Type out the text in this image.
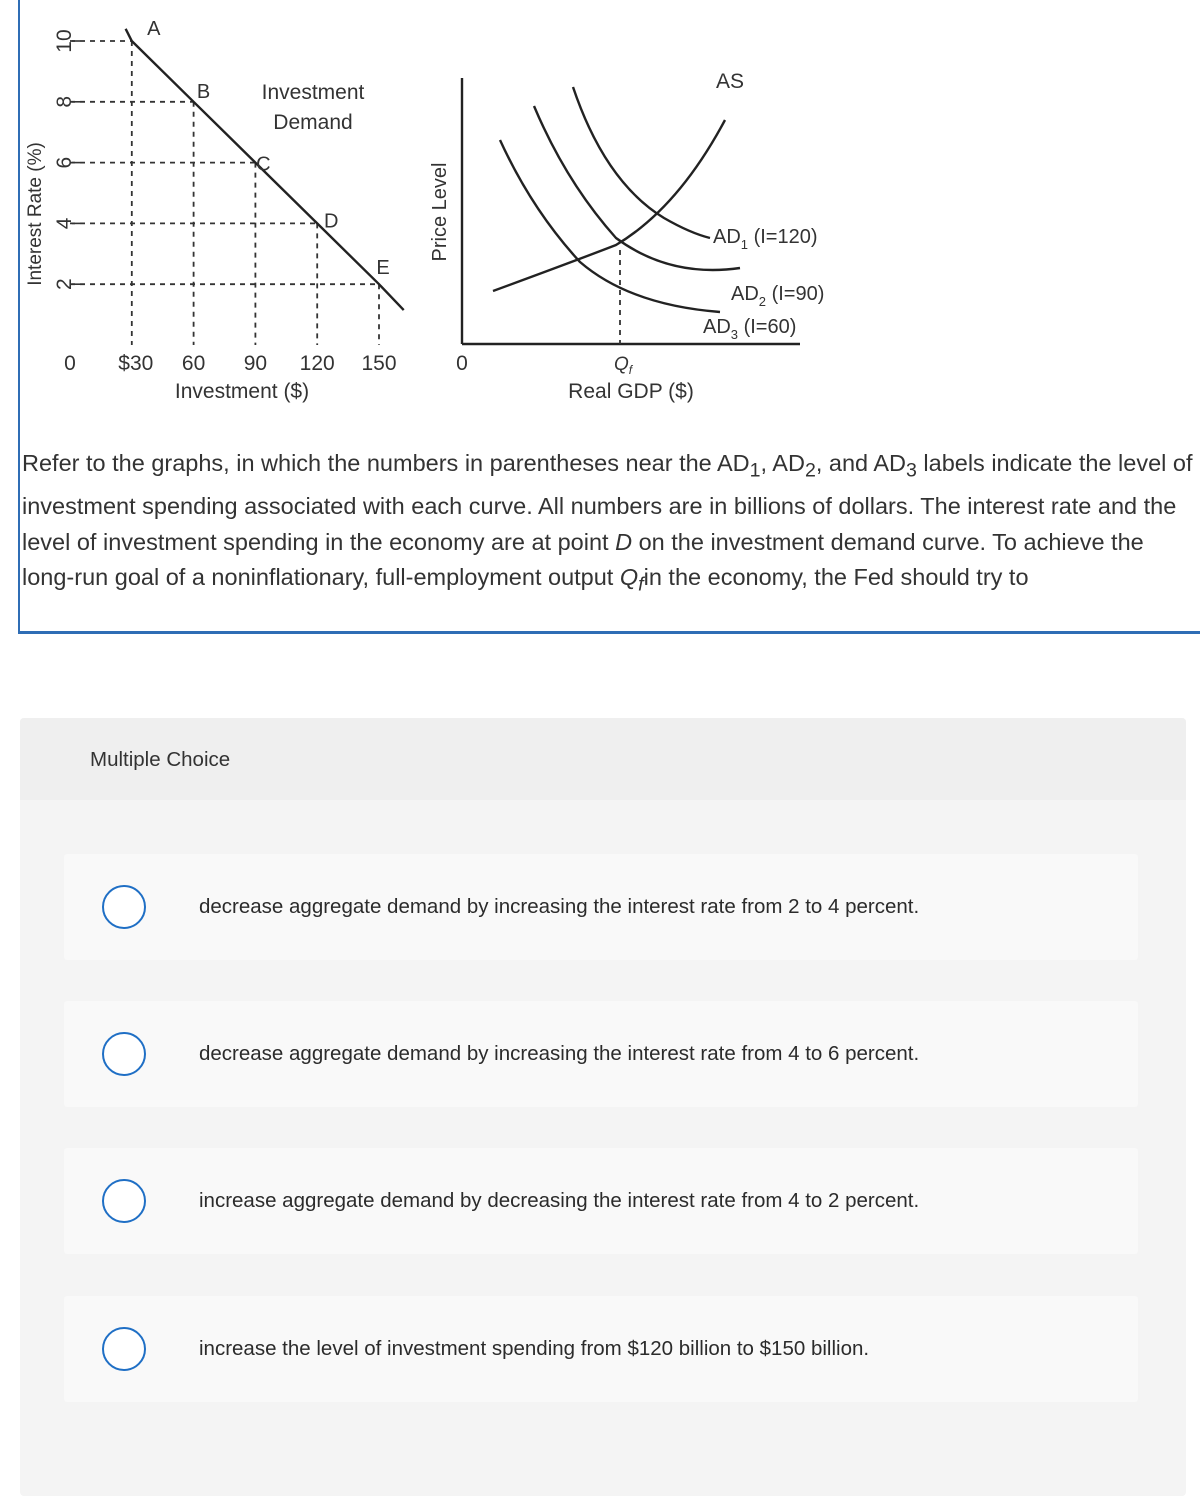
2
4
6
8
10
$30 60 90 120 150
A
B
C
D
E
0
Interest Rate (%)
Investment ($)
Investment
Demand
Price Level
0	$Q_f$
Real GDP ($)
AS
$AD_1$ (I=120)
$AD_2$ (I=90)
$AD_3$ (I=60)
Refer to the graphs, in which the numbers in parentheses near the $AD_1$, $AD_2$, and $AD_3$ labels indicate the level of investment spending associated with each curve. All numbers are in billions of dollars. The interest rate and the level of investment spending in the economy are at point D on the investment demand curve. To achieve the long-run goal of a noninflationary, full-employment output $Q_fin$ the economy, the Fed should try to
Multiple Choice
decrease aggregate demand by increasing the interest rate from 2 to 4 percent.
decrease aggregate demand by increasing the interest rate from 4 to 6 percent.
increase aggregate demand by decreasing the interest rate from 4 to 2 percent.
increase the level of investment spending from $120 billion to $150 billion.
